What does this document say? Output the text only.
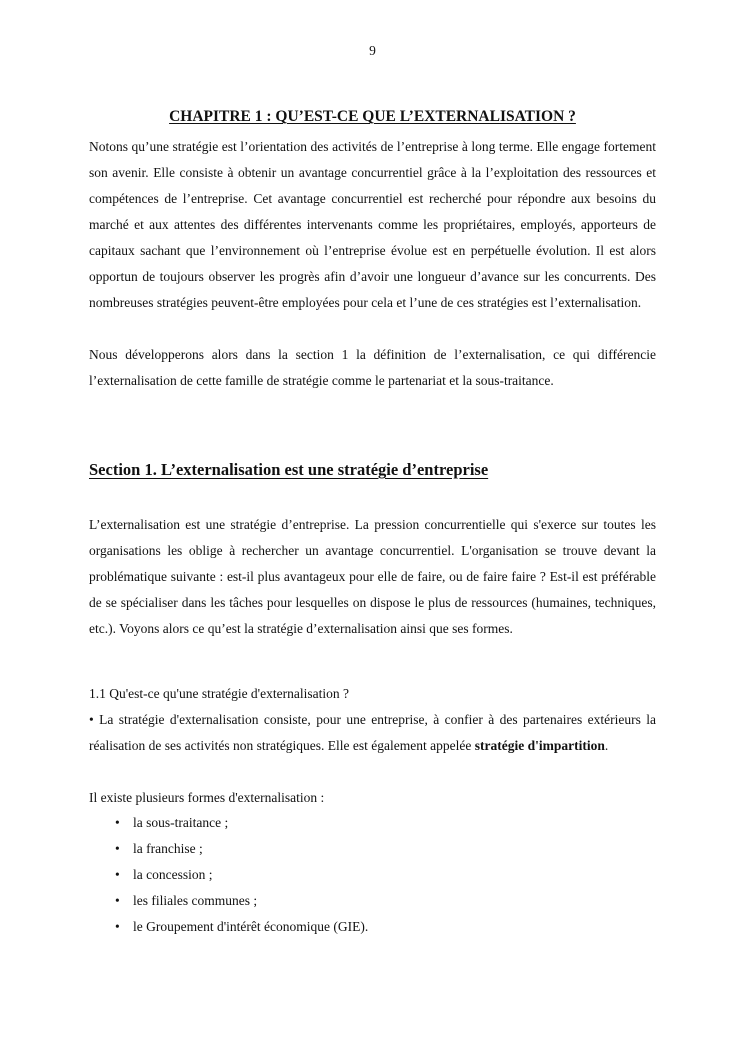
9
CHAPITRE 1 : QU’EST-CE QUE L’EXTERNALISATION ?

Notons qu’une stratégie est l’orientation des activités de l’entreprise à long terme. Elle engage fortement son avenir. Elle consiste à obtenir un avantage concurrentiel grâce à la l’exploitation des ressources et compétences de l’entreprise. Cet avantage concurrentiel est recherché pour répondre aux besoins du marché et aux attentes des différentes intervenants comme les propriétaires, employés, apporteurs de capitaux sachant que l’environnement où l’entreprise évolue est en perpétuelle évolution. Il est alors opportun de toujours observer les progrès afin d’avoir une longueur d’avance sur les concurrents. Des nombreuses stratégies peuvent-être employées pour cela et l’une de ces stratégies est l’externalisation.

Nous développerons alors dans la section 1 la définition de l’externalisation, ce qui différencie l’externalisation de cette famille de stratégie comme le partenariat et la sous-traitance.

Section 1. L’externalisation est une stratégie d’entreprise

L’externalisation est une stratégie d’entreprise. La pression concurrentielle qui s'exerce sur toutes les organisations les oblige à rechercher un avantage concurrentiel. L'organisation se trouve devant la problématique suivante : est-il plus avantageux pour elle de faire, ou de faire faire ? Est-il est préférable de se spécialiser dans les tâches pour lesquelles on dispose le plus de ressources (humaines, techniques, etc.). Voyons alors ce qu’est la stratégie d’externalisation ainsi que ses formes.

1.1 Qu'est-ce qu'une stratégie d'externalisation ?

• La stratégie d'externalisation consiste, pour une entreprise, à confier à des partenaires extérieurs la réalisation de ses activités non stratégiques. Elle est également appelée stratégie d'impartition.

Il existe plusieurs formes d'externalisation :

• la sous-traitance ;
• la franchise ;
• la concession ;
• les filiales communes ;
• le Groupement d'intérêt économique (GIE).
